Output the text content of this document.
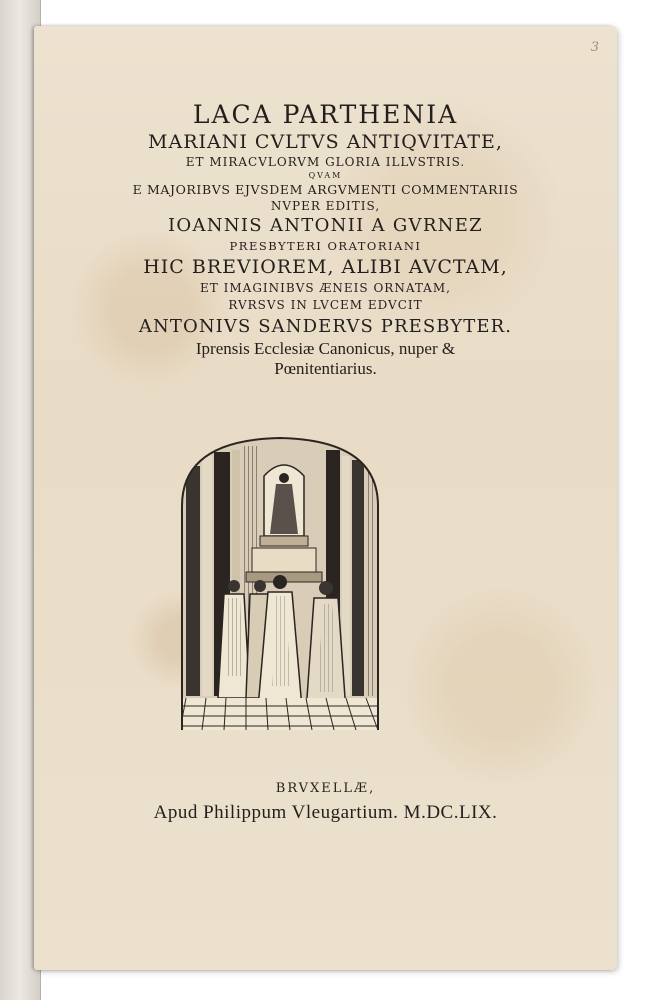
3
LACA PARTHENIA
MARIANI CVLTVS ANTIQVITATE,
ET MIRACVLORVM GLORIA ILLVSTRIS.
QVAM
E MAJORIBVS EJVSDEM ARGVMENTI COMMENTARIIS
NVPER EDITIS,
IOANNIS ANTONII A GVRNEZ
PRESBYTERI ORATORIANI
HIC BREVIOREM, ALIBI AVCTAM,
ET IMAGINIBVS ÆNEIS ORNATAM,
RVRSVS IN LVCEM EDVCIT
ANTONIVS SANDERVS PRESBYTER.
Iprensis Ecclesiæ Canonicus, nuper &
Pœnitentiarius.
BRVXELLÆ,
Apud Philippum Vleugartium. M.DC.LIX.
